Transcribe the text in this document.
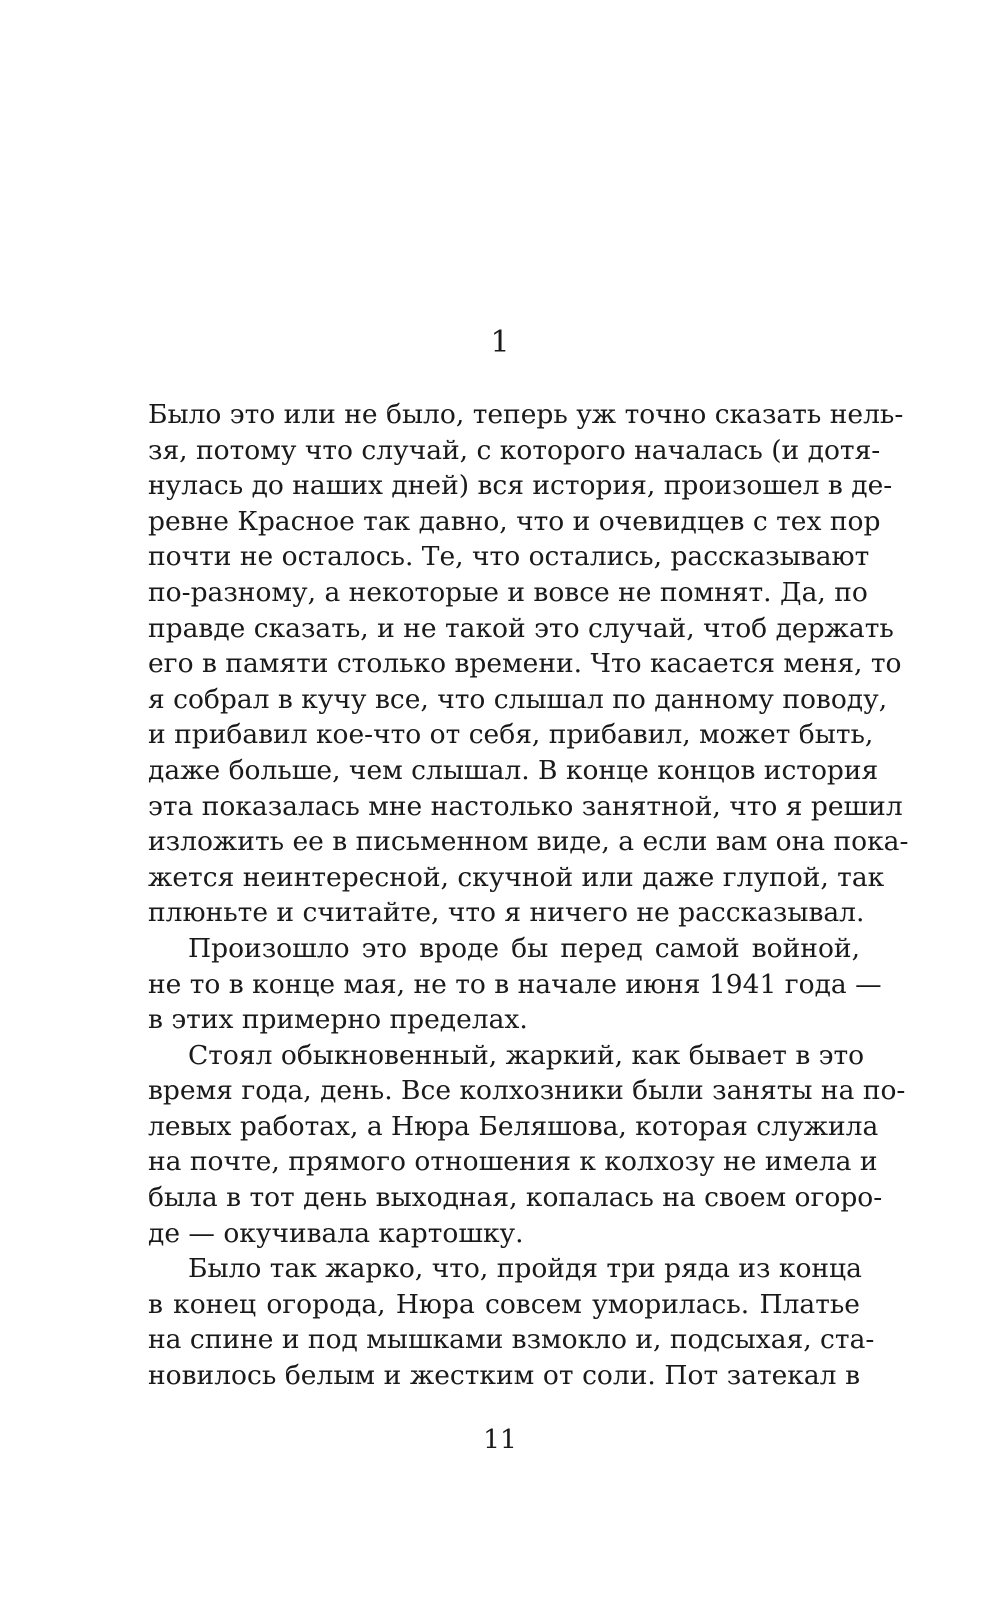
1
Было это или не было, теперь уж точно сказать нель-
зя, потому что случай, с которого началась (и дотя-
нулась до наших дней) вся история, произошел в де-
ревне Красное так давно, что и очевидцев с тех пор
почти не осталось. Те, что остались, рассказывают
по-разному, а некоторые и вовсе не помнят. Да, по
правде сказать, и не такой это случай, чтоб держать
его в памяти столько времени. Что касается меня, то
я собрал в кучу все, что слышал по данному поводу,
и прибавил кое-что от себя, прибавил, может быть,
даже больше, чем слышал. В конце концов история
эта показалась мне настолько занятной, что я решил
изложить ее в письменном виде, а если вам она пока-
жется неинтересной, скучной или даже глупой, так
плюньте и считайте, что я ничего не рассказывал.
Произошло это вроде бы перед самой войной,
не то в конце мая, не то в начале июня 1941 года —
в этих примерно пределах.
Стоял обыкновенный, жаркий, как бывает в это
время года, день. Все колхозники были заняты на по-
левых работах, а Нюра Беляшова, которая служила
на почте, прямого отношения к колхозу не имела и
была в тот день выходная, копалась на своем огоро-
де — окучивала картошку.
Было так жарко, что, пройдя три ряда из конца
в конец огорода, Нюра совсем уморилась. Платье
на спине и под мышками взмокло и, подсыхая, ста-
новилось белым и жестким от соли. Пот затекал в
11
